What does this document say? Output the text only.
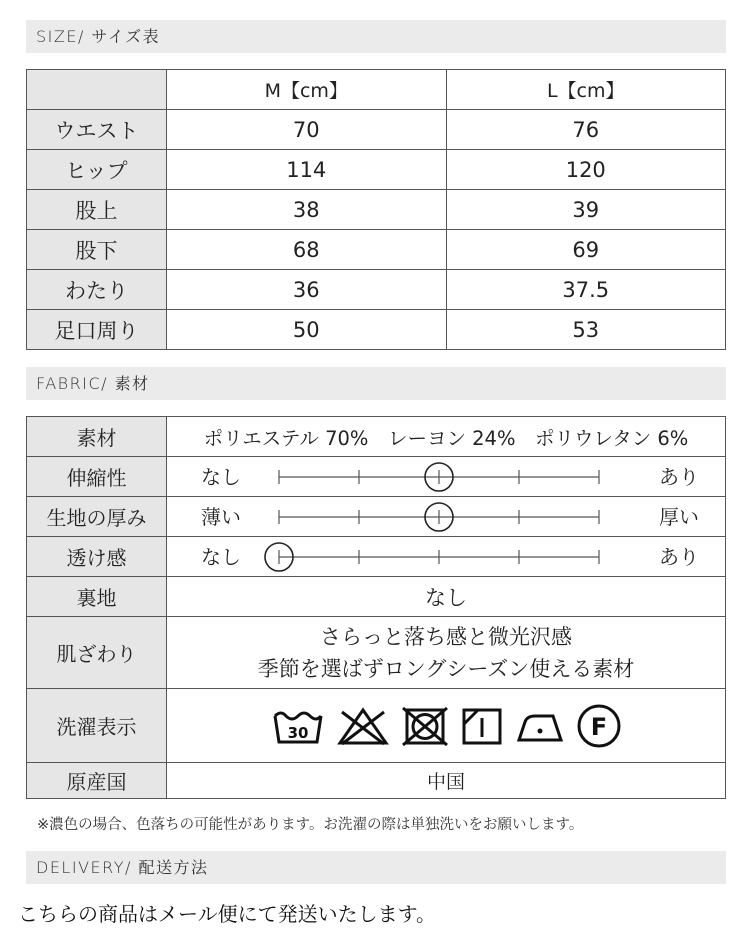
SIZE/ サイズ表
	M【cm】	L【cm】
ウエスト	70	76
ヒップ	114	120
股上	38	39
股下	68	69
わたり	36	37.5
足口周り	50	53
FABRIC/ 素材
素材	ポリエステル 70%　レーヨン 24%　ポリウレタン 6%
伸縮性	なし あり

生地の厚み	薄い 厚い

透け感	なし あり

裏地	なし
肌ざわり	さらっと落ち感と微光沢感
季節を選ばずロングシーズン使える素材

洗濯表示	30 F

原産国	中国
※濃色の場合、色落ちの可能性があります。お洗濯の際は単独洗いをお願いします。
DELIVERY/ 配送方法
こちらの商品はメール便にて発送いたします。
